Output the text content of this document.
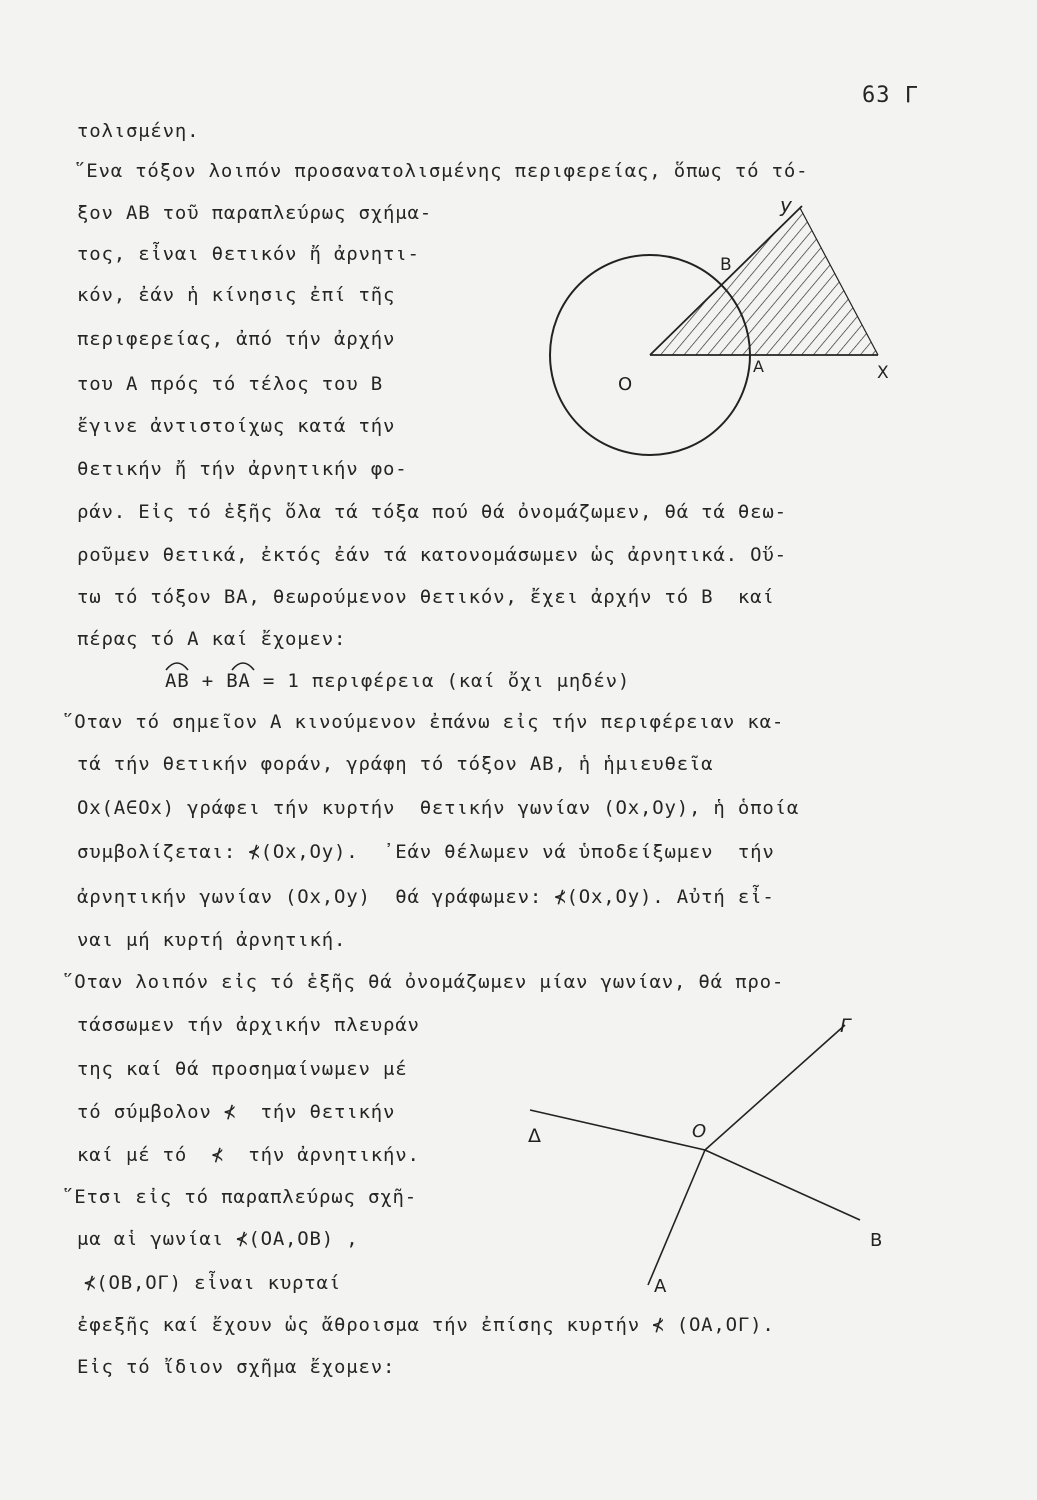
63 Γ
τολισμένη.
῞Ενα τόξον λοιπόν προσανατολισμένης περιφερείας, ὅπως τό τό-
ξον ΑΒ τοῦ παραπλεύρως σχήμα-
τος, εἶναι θετικόν ἤ ἀρνητι-
κόν, ἐάν ἡ κίνησις ἐπί τῆς
περιφερείας, ἀπό τήν ἀρχήν
του Α πρός τό τέλος του Β
ἔγινε ἀντιστοίχως κατά τήν
θετικήν ἤ τήν ἀρνητικήν φο-
ράν. Εἰς τό ἑξῆς ὅλα τά τόξα πού θά ὀνομάζωμεν, θά τά θεω-
ροῦμεν θετικά, ἐκτός ἐάν τά κατονομάσωμεν ὡς ἀρνητικά. Οὕ-
τω τό τόξον ΒΑ, θεωρούμενον θετικόν, ἔχει ἀρχήν τό Β  καί
πέρας τό Α καί ἔχομεν:
ΑΒ + ΒΑ = 1 περιφέρεια (καί ὄχι μηδέν)
῞Οταν τό σημεῖον Α κινούμενον ἐπάνω εἰς τήν περιφέρειαν κα-
τά τήν θετικήν φοράν, γράφη τό τόξον ΑΒ, ἡ ἡμιευθεῖα
Οx(Α∈Οx) γράφει τήν κυρτήν  θετικήν γωνίαν (Οx,Οy), ἡ ὁποία
συμβολίζεται: ⊀(Οx,Οy).  ᾿Εάν θέλωμεν νά ὑποδείξωμεν  τήν
ἀρνητικήν γωνίαν (Οx,Οy)  θά γράφωμεν: ⊀(Οx,Οy). Αὐτή εἶ-
ναι μή κυρτή ἀρνητική.
῞Οταν λοιπόν εἰς τό ἑξῆς θά ὀνομάζωμεν μίαν γωνίαν, θά προ-
τάσσωμεν τήν ἀρχικήν πλευράν
της καί θά προσημαίνωμεν μέ
τό σύμβολον ⊀  τήν θετικήν
καί μέ τό  ⊀  τήν ἀρνητικήν.
῞Ετσι εἰς τό παραπλεύρως σχῆ-
μα αἱ γωνίαι ⊀(ΟΑ,ΟΒ) ,
⊀(ΟΒ,ΟΓ) εἶναι κυρταί
ἐφεξῆς καί ἔχουν ὡς ἄθροισμα τήν ἐπίσης κυρτήν ⊀ (ΟΑ,ΟΓ).
Εἰς τό ἴδιον σχῆμα ἔχομεν:
O
A
B
X
y
Γ
Δ	O
B
A
